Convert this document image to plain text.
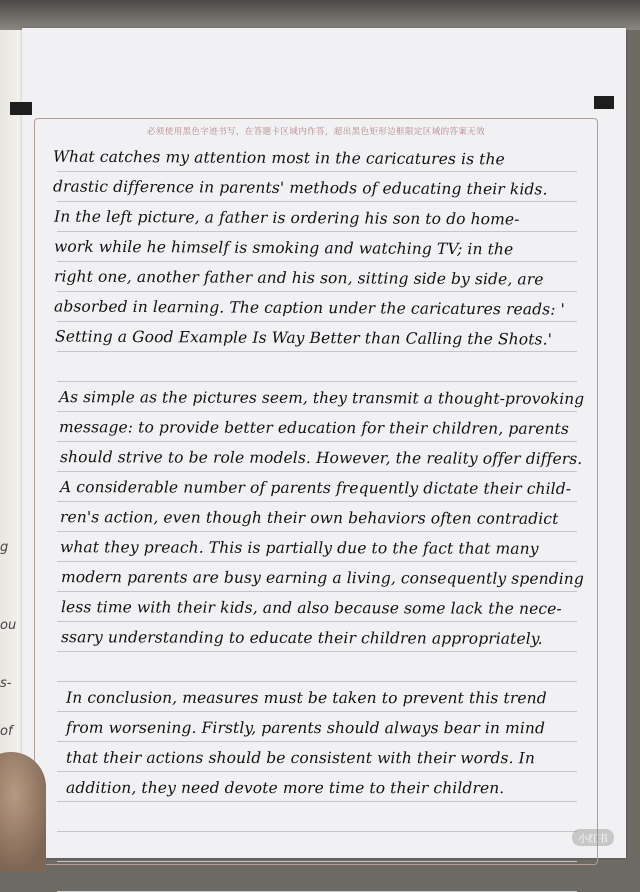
g
ou
s-
of
必须使用黑色字迹书写，在答题卡区域内作答，超出黑色矩形边框限定区域的答案无效
What catches my attention most in the caricatures is the
drastic difference in parents' methods of educating their kids.
In the left picture, a father is ordering his son to do home-
work while he himself is smoking and watching TV; in the
right one, another father and his son, sitting side by side, are
absorbed in learning. The caption under the caricatures reads: '
Setting a Good Example Is Way Better than Calling the Shots.'
As simple as the pictures seem, they transmit a thought-provoking
message: to provide better education for their children, parents
should strive to be role models. However, the reality offer differs.
A considerable number of parents frequently dictate their child-
ren's action, even though their own behaviors often contradict
what they preach. This is partially due to the fact that many
modern parents are busy earning a living, consequently spending
less time with their kids, and also because some lack the nece-
ssary understanding to educate their children appropriately.
In conclusion, measures must be taken to prevent this trend
from worsening. Firstly, parents should always bear in mind
that their actions should be consistent with their words. In
addition, they need devote more time to their children.
小红书
